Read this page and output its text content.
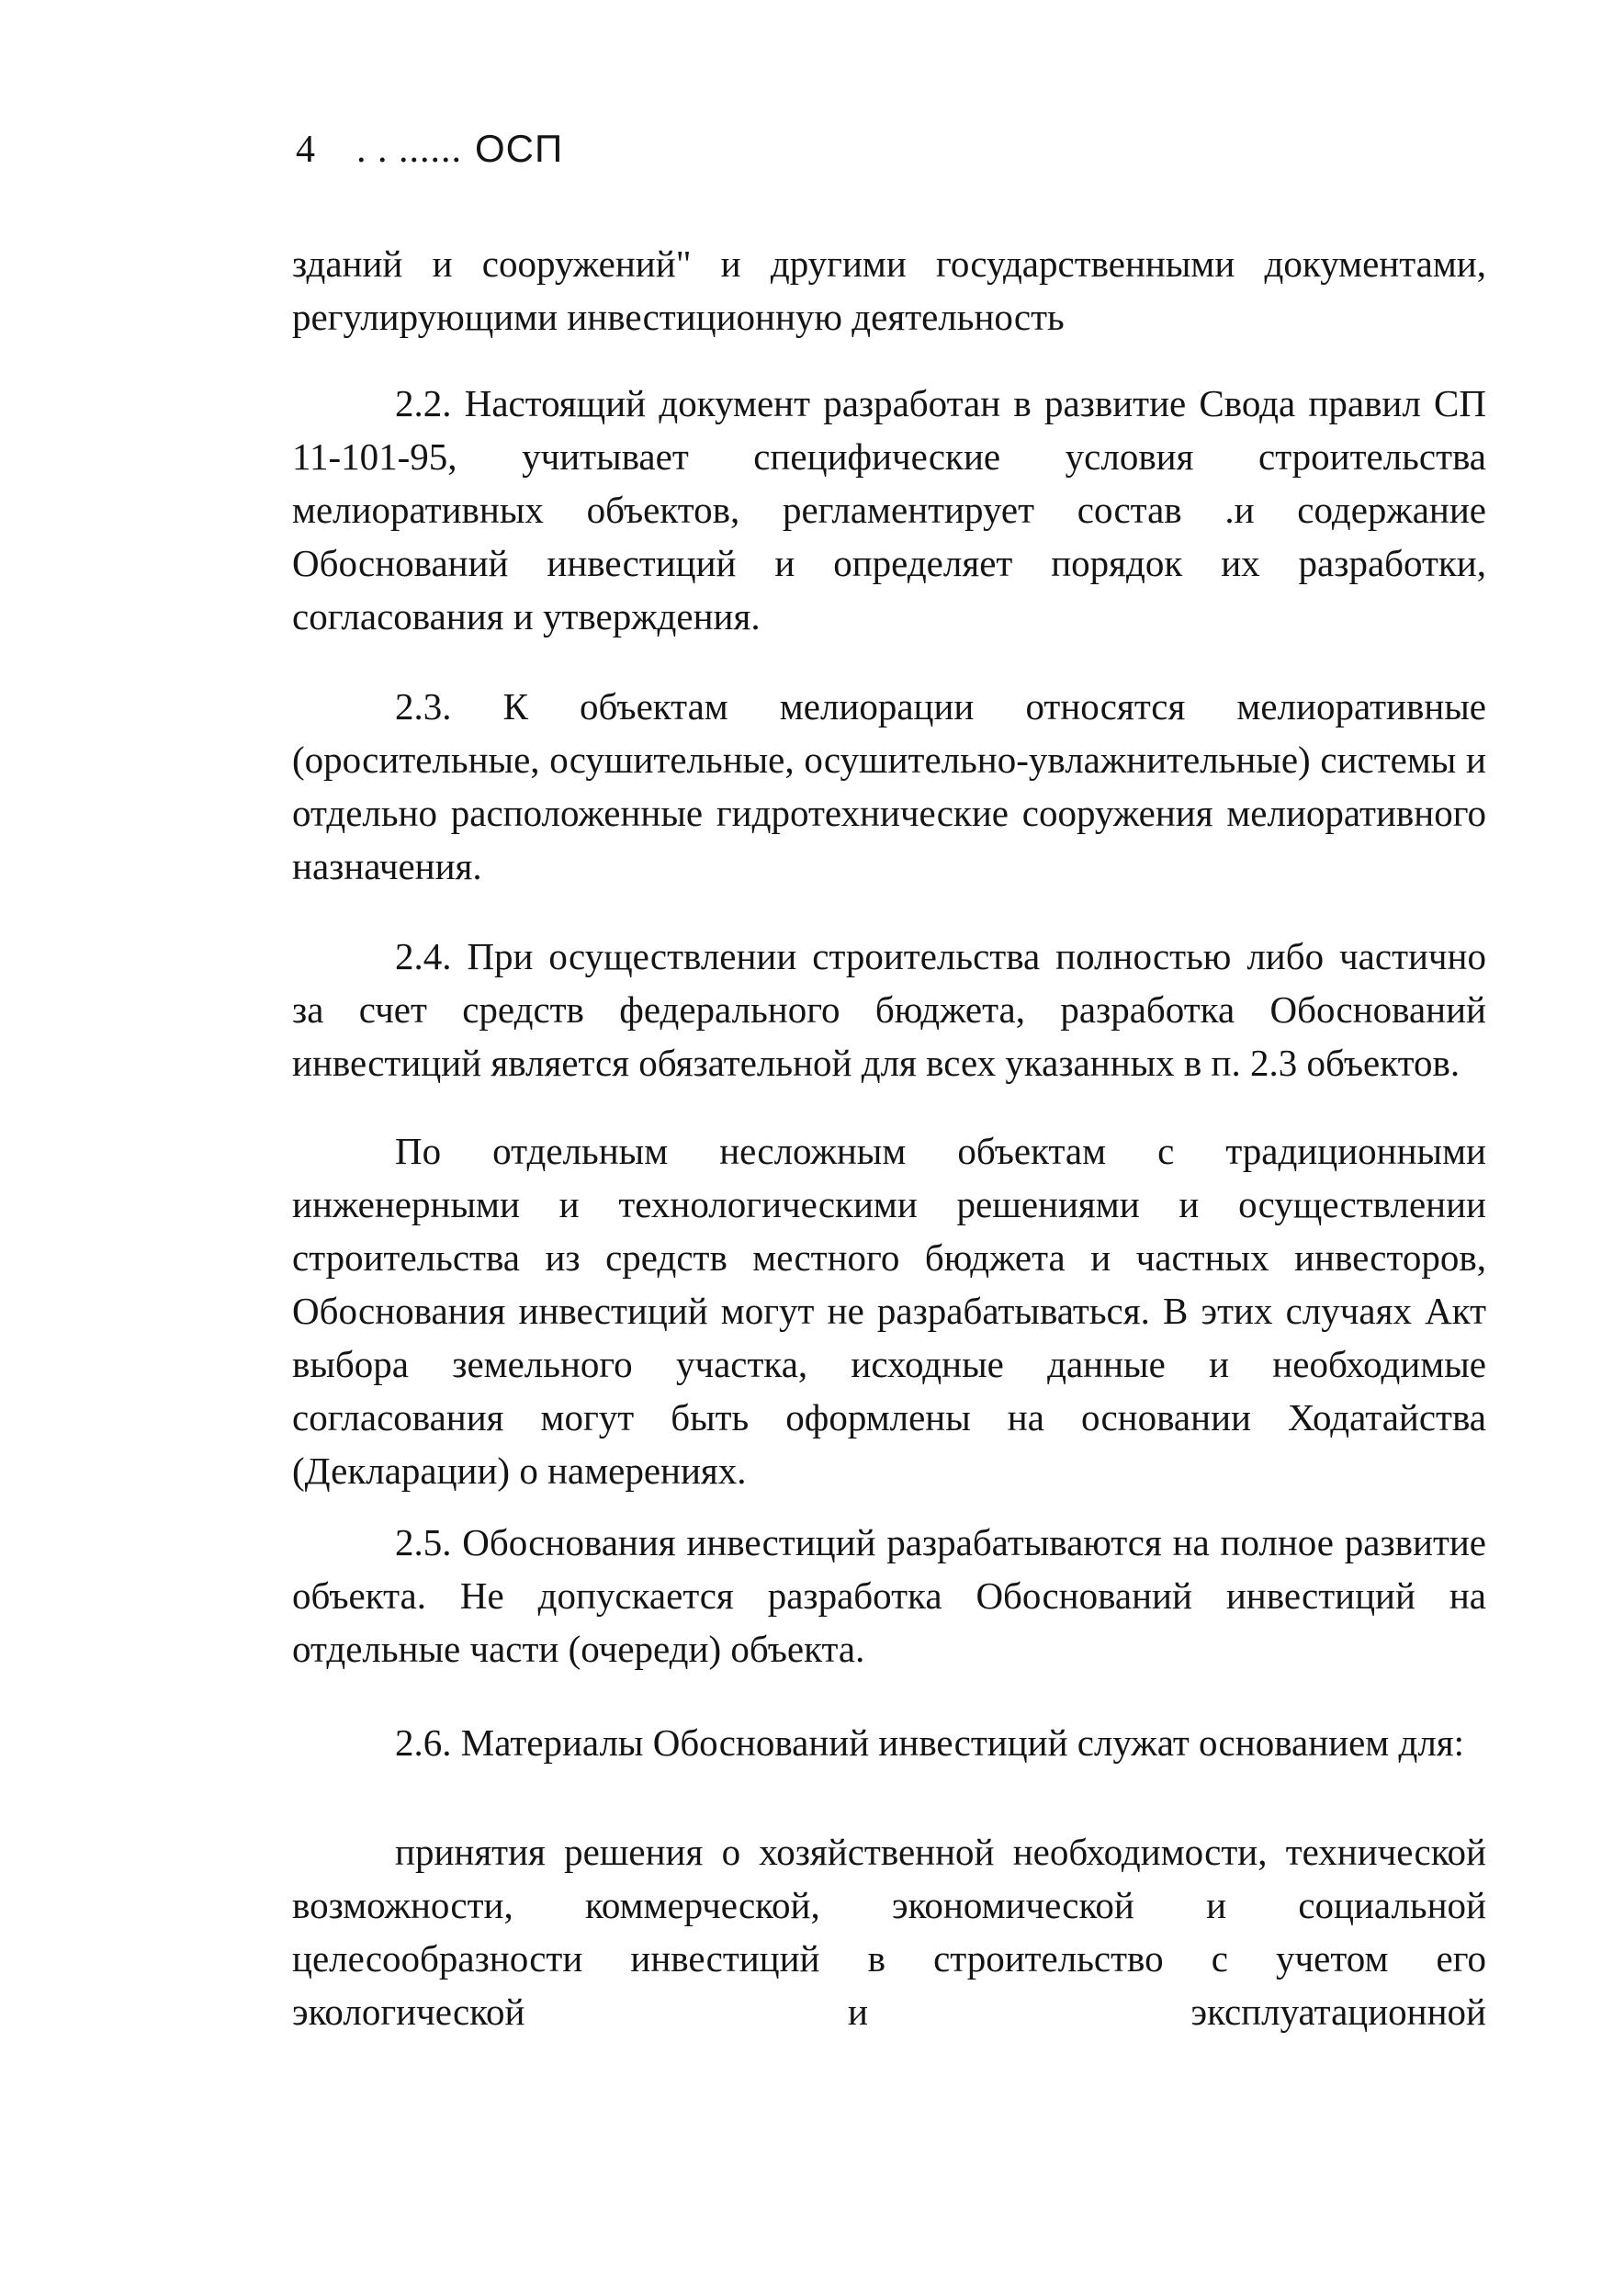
4 . . ...... ОСП

зданий и сооружений" и другими государственными документами, регулирующими инвестиционную деятельность

2.2. Настоящий документ разработан в развитие Свода правил СП 11-101-95, учитывает специфические условия строительства мелиоративных объектов, регламентирует состав .и содержание Обоснований инвестиций и определяет порядок их разработки, согласования и утверждения.

2.3. К объектам мелиорации относятся мелиоративные (оросительные, осушительные, осушительно-увлажнительные) системы и отдельно расположенные гидротехнические сооружения мелиоративного назначения.

2.4. При осуществлении строительства полностью либо частично за счет средств федерального бюджета, разработка Обоснований инвестиций является обязательной для всех указанных в п. 2.3 объектов.

По отдельным несложным объектам с традиционными инженерными и технологическими решениями и осуществлении строительства из средств местного бюджета и частных инвесторов, Обоснования инвестиций могут не разрабатываться. В этих случаях Акт выбора земельного участка, исходные данные и необходимые согласования могут быть оформлены на основании Ходатайства (Декларации) о намерениях.

2.5. Обоснования инвестиций разрабатываются на полное развитие объекта. Не допускается разработка Обоснований инвестиций на отдельные части (очереди) объекта.

2.6. Материалы Обоснований инвестиций служат основанием для:

принятия решения о хозяйственной необходимости, технической возможности, коммерческой, экономической и социальной целесообразности инвестиций в строительство с учетом его экологической и эксплуатационной
